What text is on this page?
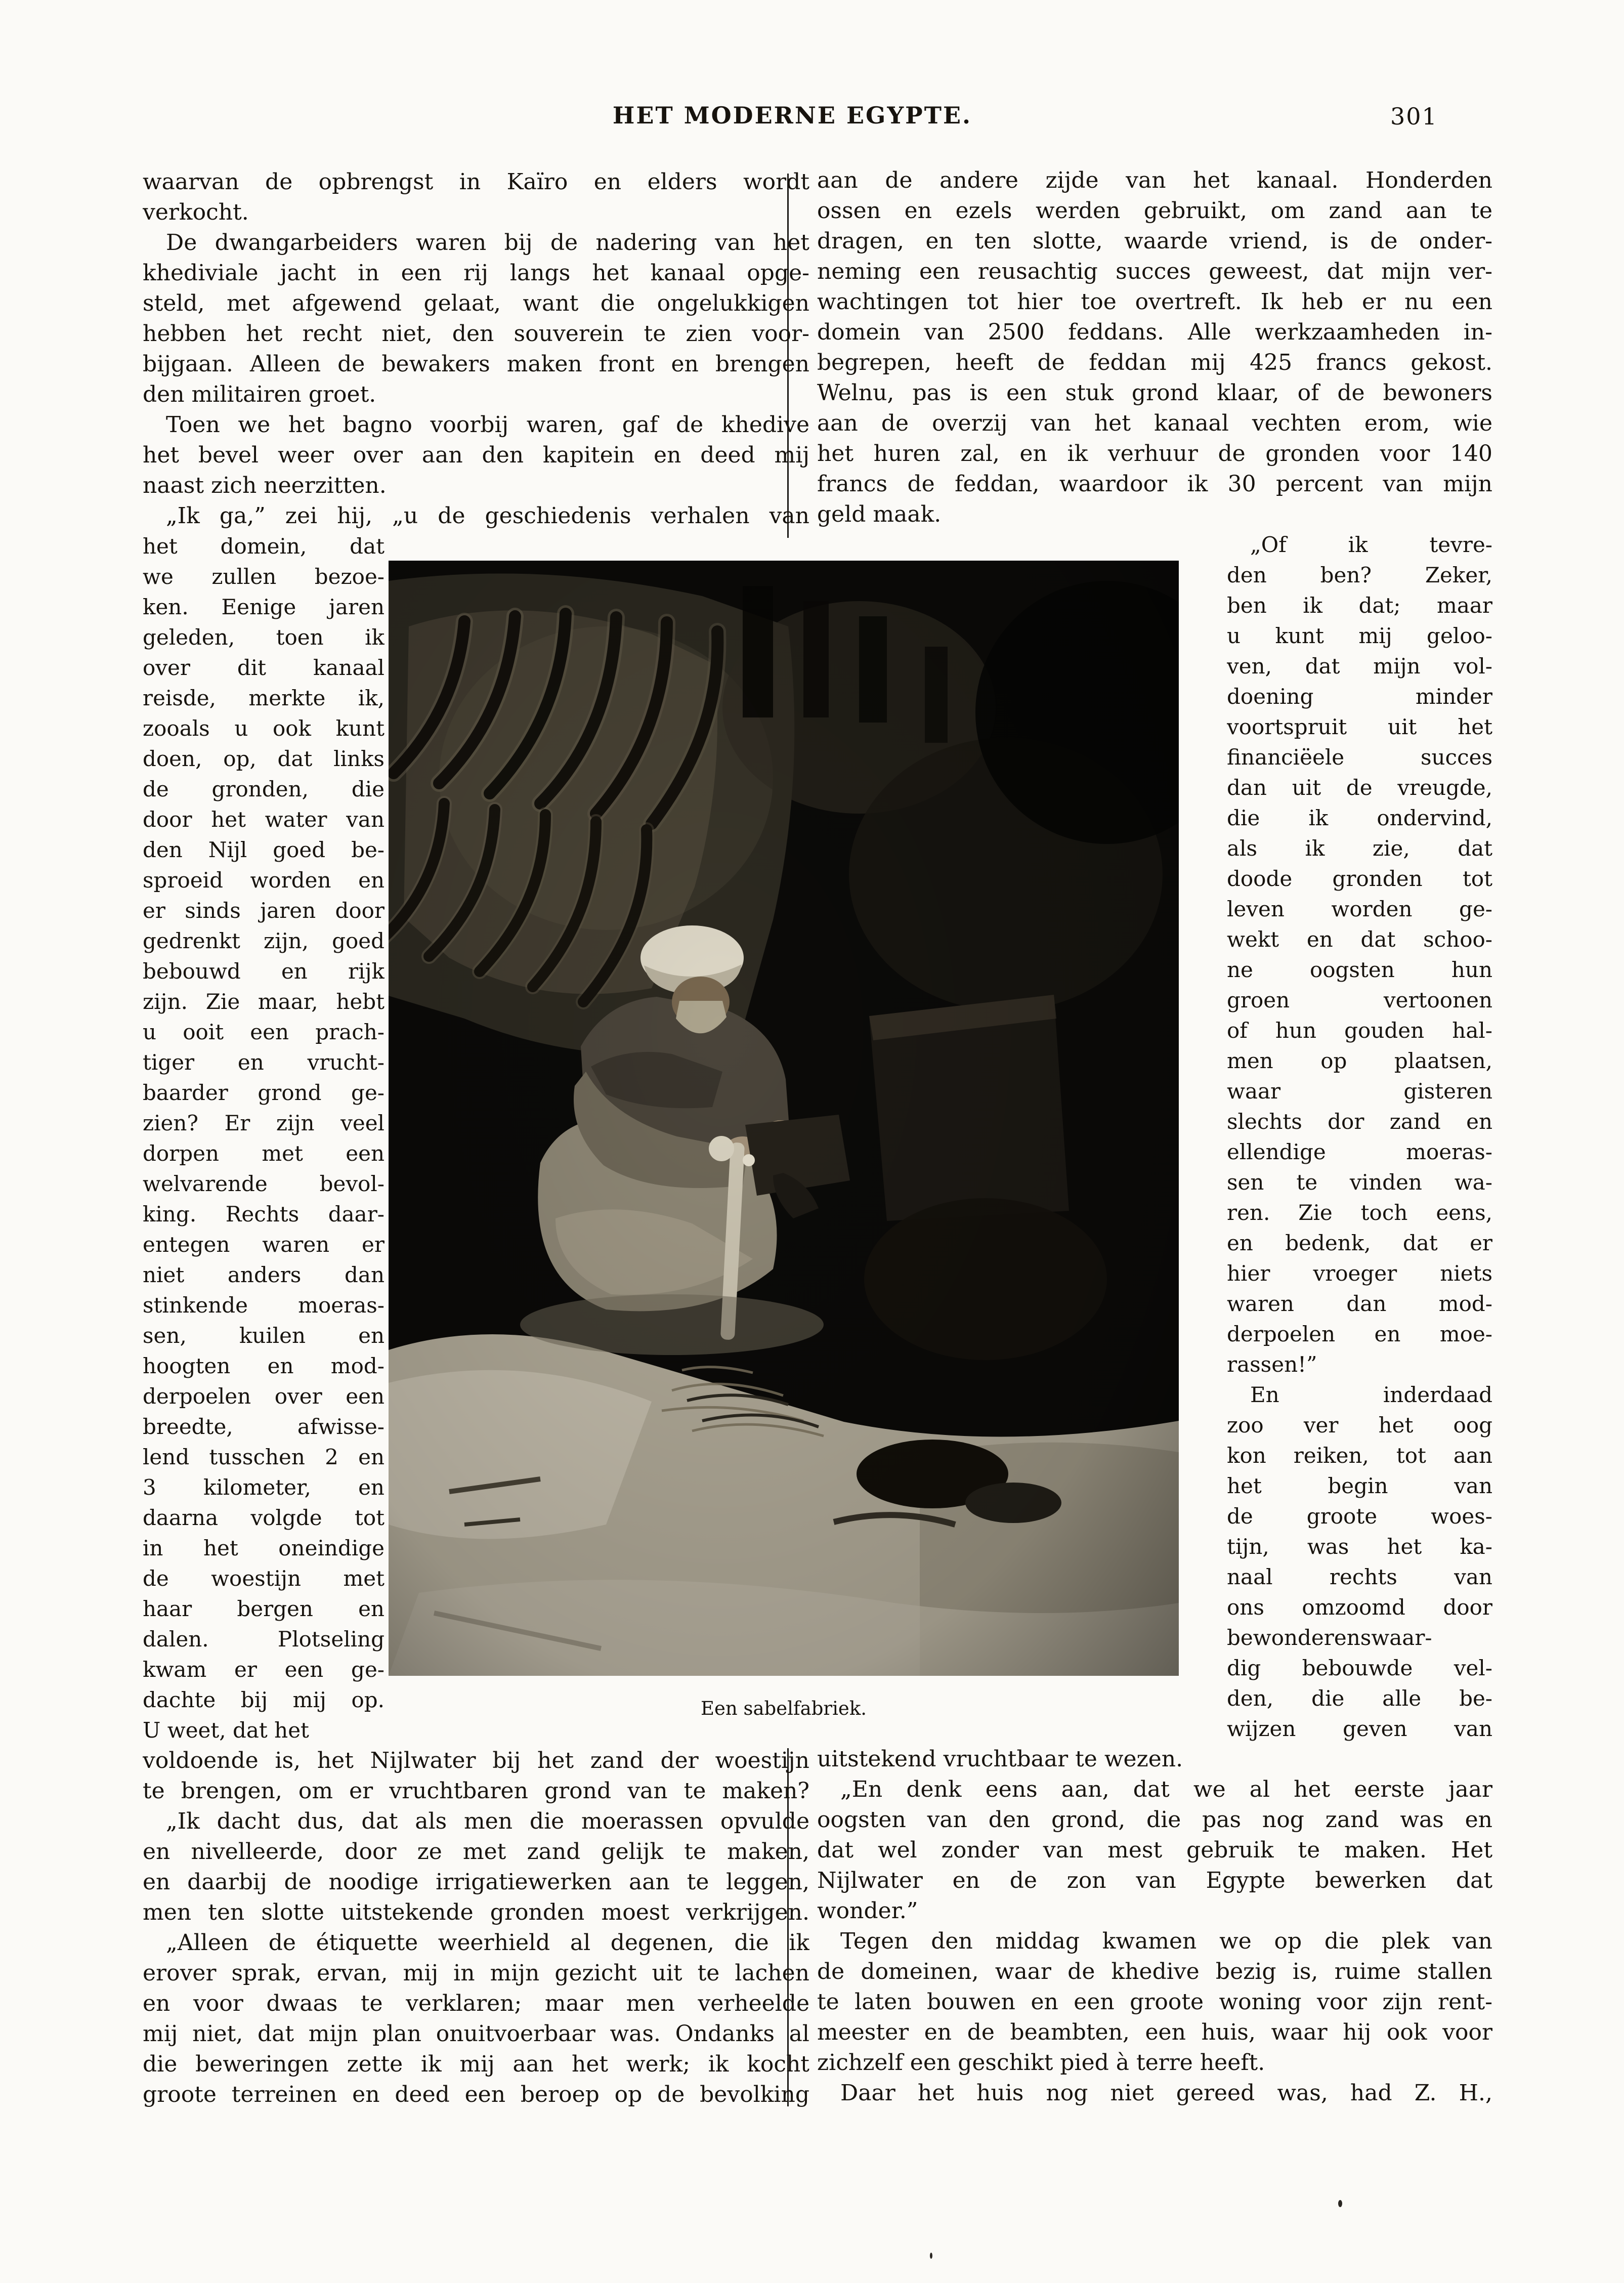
HET MODERNE EGYPTE.	301
waarvan de opbrengst in Kaïro en elders wordt
verkocht.
De dwangarbeiders waren bij de nadering van het
khediviale jacht in een rij langs het kanaal opge-
steld, met afgewend gelaat, want die ongelukkigen
hebben het recht niet, den souverein te zien voor-
bijgaan. Alleen de bewakers maken front en brengen
den militairen groet.
Toen we het bagno voorbij waren, gaf de khedive
het bevel weer over aan den kapitein en deed mij
naast zich neerzitten.
„Ik ga,” zei hij, „u de geschiedenis verhalen van
het domein, dat
we zullen bezoe-
ken. Eenige jaren
geleden, toen ik
over dit kanaal
reisde, merkte ik,
zooals u ook kunt
doen, op, dat links
de gronden, die
door het water van
den Nijl goed be-
sproeid worden en
er sinds jaren door
gedrenkt zijn, goed
bebouwd en rijk
zijn. Zie maar, hebt
u ooit een prach-
tiger en vrucht-
baarder grond ge-
zien? Er zijn veel
dorpen met een
welvarende bevol-
king. Rechts daar-
entegen waren er
niet anders dan
stinkende moeras-
sen, kuilen en
hoogten en mod-
derpoelen over een
breedte, afwisse-
lend tusschen 2 en
3 kilometer, en
daarna volgde tot
in het oneindige
de woestijn met
haar bergen en
dalen. Plotseling
kwam er een ge-
dachte bij mij op.
U weet, dat het
voldoende is, het Nijlwater bij het zand der woestijn
te brengen, om er vruchtbaren grond van te maken?
„Ik dacht dus, dat als men die moerassen opvulde
en nivelleerde, door ze met zand gelijk te maken,
en daarbij de noodige irrigatiewerken aan te leggen,
men ten slotte uitstekende gronden moest verkrijgen.
„Alleen de étiquette weerhield al degenen, die ik
erover sprak, ervan, mij in mijn gezicht uit te lachen
en voor dwaas te verklaren; maar men verheelde
mij niet, dat mijn plan onuitvoerbaar was. Ondanks al
die beweringen zette ik mij aan het werk; ik kocht
groote terreinen en deed een beroep op de bevolking
aan de andere zijde van het kanaal. Honderden
ossen en ezels werden gebruikt, om zand aan te
dragen, en ten slotte, waarde vriend, is de onder-
neming een reusachtig succes geweest, dat mijn ver-
wachtingen tot hier toe overtreft. Ik heb er nu een
domein van 2500 feddans. Alle werkzaamheden in-
begrepen, heeft de feddan mij 425 francs gekost.
Welnu, pas is een stuk grond klaar, of de bewoners
aan de overzij van het kanaal vechten erom, wie
het huren zal, en ik verhuur de gronden voor 140
francs de feddan, waardoor ik 30 percent van mijn
geld maak.
„Of ik tevre-
den ben? Zeker,
ben ik dat; maar
u kunt mij geloo-
ven, dat mijn vol-
doening minder
voortspruit uit het
financiëele succes
dan uit de vreugde,
die ik ondervind,
als ik zie, dat
doode gronden tot
leven worden ge-
wekt en dat schoo-
ne oogsten hun
groen vertoonen
of hun gouden hal-
men op plaatsen,
waar gisteren
slechts dor zand en
ellendige moeras-
sen te vinden wa-
ren. Zie toch eens,
en bedenk, dat er
hier vroeger niets
waren dan mod-
derpoelen en moe-
rassen!”
En inderdaad
zoo ver het oog
kon reiken, tot aan
het begin van
de groote woes-
tijn, was het ka-
naal rechts van
ons omzoomd door
bewonderenswaar-
dig bebouwde vel-
den, die alle be-
wijzen geven van
uitstekend vruchtbaar te wezen.
„En denk eens aan, dat we al het eerste jaar
oogsten van den grond, die pas nog zand was en
dat wel zonder van mest gebruik te maken. Het
Nijlwater en de zon van Egypte bewerken dat
wonder.”
Tegen den middag kwamen we op die plek van
de domeinen, waar de khedive bezig is, ruime stallen
te laten bouwen en een groote woning voor zijn rent-
meester en de beambten, een huis, waar hij ook voor
zichzelf een geschikt pied à terre heeft.
Daar het huis nog niet gereed was, had Z. H.,
Een sabelfabriek.
